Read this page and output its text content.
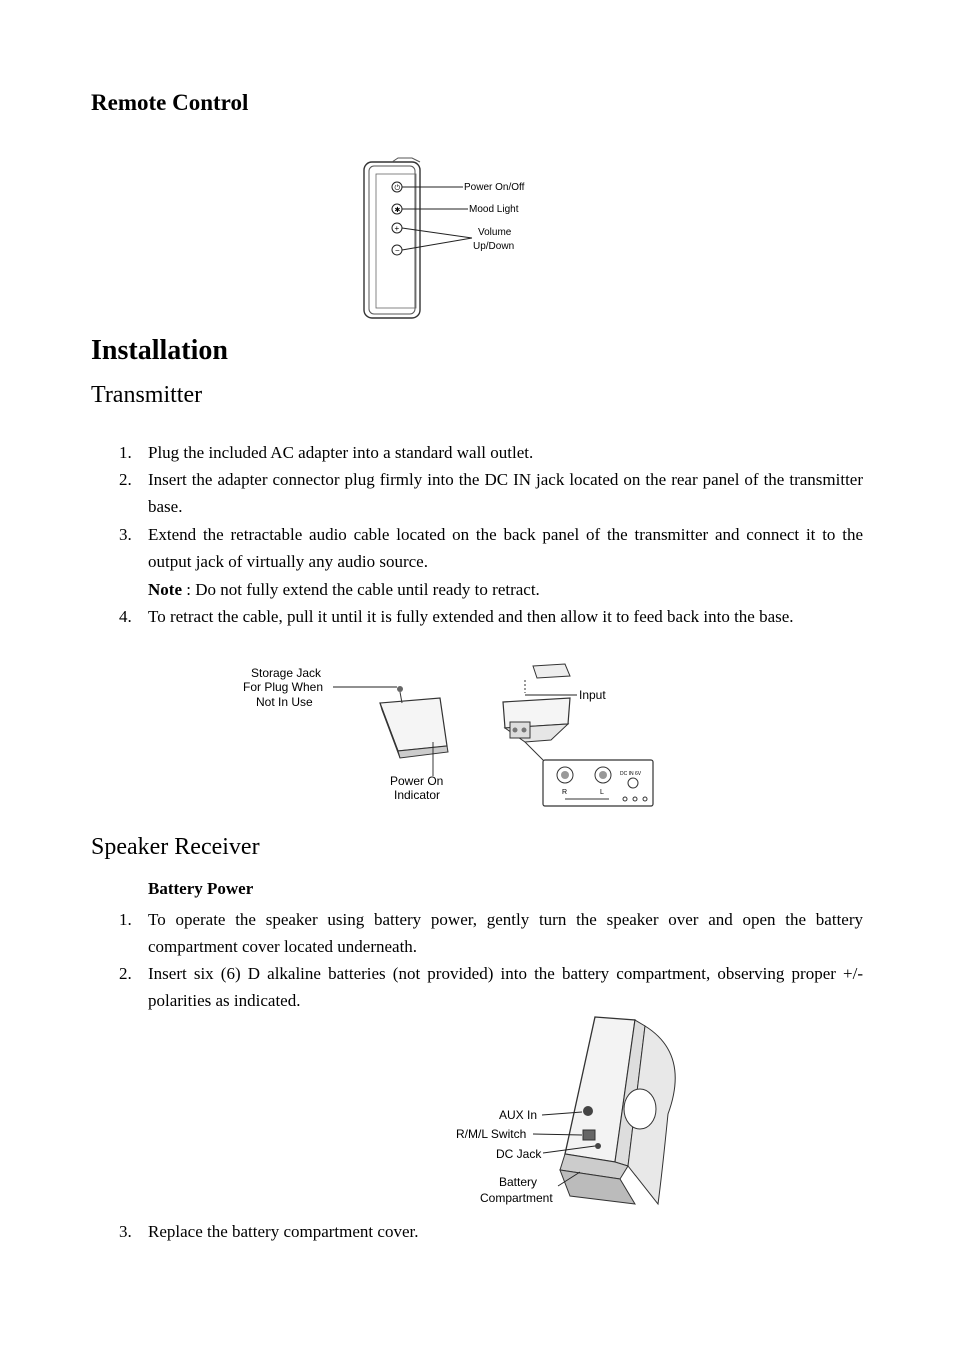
Remote Control
⏻
✱
+
−
Power On/Off
Mood Light
Volume
Up/Down
Installation
Transmitter
1. Plug the included AC adapter into a standard wall outlet.
2. Insert the adapter connector plug firmly into the DC IN jack located on the rear panel of the transmitter base.
3. Extend the retractable audio cable located on the back panel of the transmitter and connect it to the output jack of virtually any audio source.
Note : Do not fully extend the cable until ready to retract.
4. To retract the cable, pull it until it is fully extended and then allow it to feed back into the base.
Storage Jack
For Plug When
Not In Use
Power On
Indicator
Input
R	L
DC IN 6V
Speaker Receiver
Battery Power
1. To operate the speaker using battery power, gently turn the speaker over and open the battery compartment cover located underneath.
2. Insert six (6) D alkaline batteries (not provided) into the battery compartment, observing proper +/- polarities as indicated.
AUX In
R/M/L Switch
DC Jack
Battery
Compartment
3. Replace the battery compartment cover.
